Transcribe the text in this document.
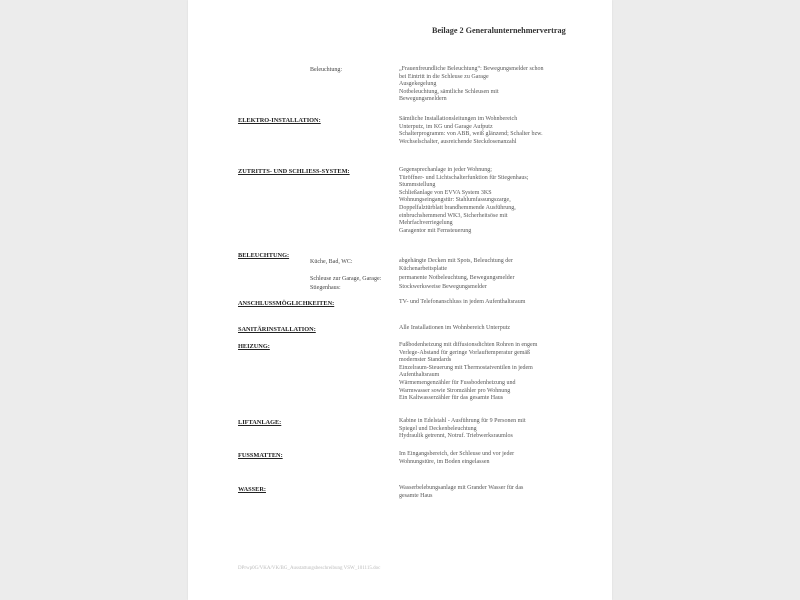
Beilage 2 Generalunternehmervertrag
Beleuchtung:	„Frauenfreundliche Beleuchtung“: Bewegungsmelder schon
bei Eintritt in die Schleuse zu Garage
Ausgekegelung
Notbeleuchtung, sämtliche Schleusen mit
Bewegungsmeldern
ELEKTRO-INSTALLATION:	Sämtliche Installationsleitungen im Wohnbereich
Unterputz, im KG und Garage Aufputz
Schalterprogramm: von ABB, weiß glänzend; Schalter bzw.
Wechselschalter, ausreichende Steckdosenanzahl
ZUTRITTS- UND SCHLIESS-SYSTEM:	Gegensprechanlage in jeder Wohnung;
Türöffner- und Lichtschalterfunktion für Stiegenhaus;
Stummstellung
Schließanlage von EVVA System 3KS
Wohnungseingangstür: Stahlumfassungszarge,
Doppelfalztürblatt brandhemmende Ausführung,
einbruchshemmend WK3, Sicherheitsöse mit
Mehrfachverriegelung
Garagentor mit Fernsteuerung
BELEUCHTUNG:
Küche, Bad, WC:	abgehängte Decken mit Spots, Beleuchtung der
Küchenarbeitsplatte
Schleuse zur Garage, Garage:	permanente Notbeleuchtung, Bewegungsmelder
Stiegenhaus:	Stockwerksweise Bewegungsmelder
ANSCHLUSSMÖGLICHKEITEN:	TV- und Telefonanschluss in jedem Aufenthaltsraum
SANITÄRINSTALLATION:	Alle Installationen im Wohnbereich Unterputz
HEIZUNG:	Fußbodenheizung mit diffusionsdichten Rohren in engem
Verlege-Abstand für geringe Vorlauftemperatur gemäß
modernster Standards
Einzelraum-Steuerung mit Thermostatventilen in jedem
Aufenthaltsraum
Wärmemengenzähler für Fussbodenheizung und
Warmwasser sowie Stromzähler pro Wohnung
Ein Kaltwasserzähler für das gesamte Haus
LIFTANLAGE:	Kabine in Edelstahl - Ausführung für 9 Personen mit
Spiegel und Deckenbeleuchtung
Hydraulik getrennt, Notruf. Triebwerksraumlos
FUSSMATTEN:	Im Eingangsbereich, der Schleuse und vor jeder
Wohnungstüre, im Boden eingelassen
WASSER:	Wasserbelebungsanlage mit Grander Wasser für das
gesamte Haus
DPrwp0G/VKA/VK/BG_Ausstattungsbeschreibung VSW_101115.doc
